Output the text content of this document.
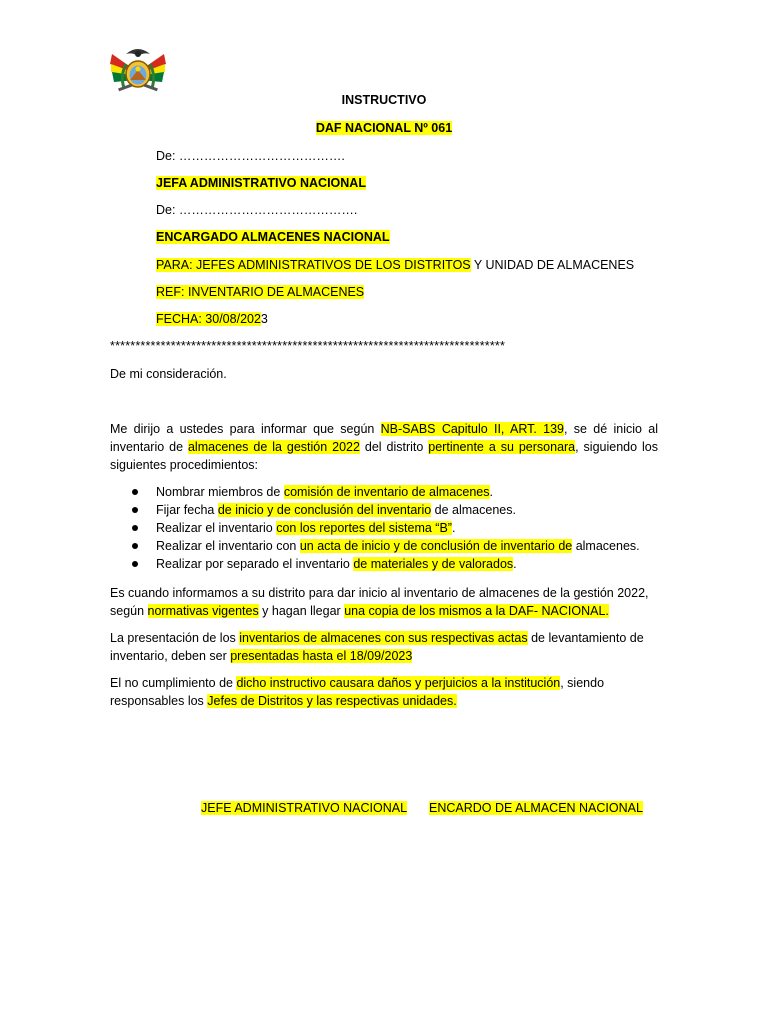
INSTRUCTIVO
DAF NACIONAL Nº 061
De: ………………………………….
JEFA ADMINISTRATIVO NACIONAL
De: …………………………………….
ENCARGADO ALMACENES NACIONAL
PARA: JEFES ADMINISTRATIVOS DE LOS DISTRITOS Y UNIDAD DE ALMACENES
REF: INVENTARIO DE ALMACENES
FECHA: 30/08/2023
******************************************************************************
De mi consideración.
Me dirijo a ustedes para informar que según NB-SABS Capitulo II, ART. 139, se dé inicio al inventario de almacenes de la gestión 2022 del distrito pertinente a su personara, siguiendo los siguientes procedimientos:
Nombrar miembros de comisión de inventario de almacenes.
Fijar fecha de inicio y de conclusión del inventario de almacenes.
Realizar el inventario con los reportes del sistema “B”.
Realizar el inventario con un acta de inicio y de conclusión de inventario de almacenes.
Realizar por separado el inventario de materiales y de valorados.
Es cuando informamos a su distrito para dar inicio al inventario de almacenes de la gestión 2022, según normativas vigentes y hagan llegar una copia de los mismos a la DAF- NACIONAL.
La presentación de los inventarios de almacenes con sus respectivas actas de levantamiento de inventario, deben ser presentadas hasta el 18/09/2023
El no cumplimiento de dicho instructivo causara daños y perjuicios a la institución, siendo responsables los Jefes de Distritos y las respectivas unidades.
JEFE ADMINISTRATIVO NACIONAL ENCARDO DE ALMACEN NACIONAL
